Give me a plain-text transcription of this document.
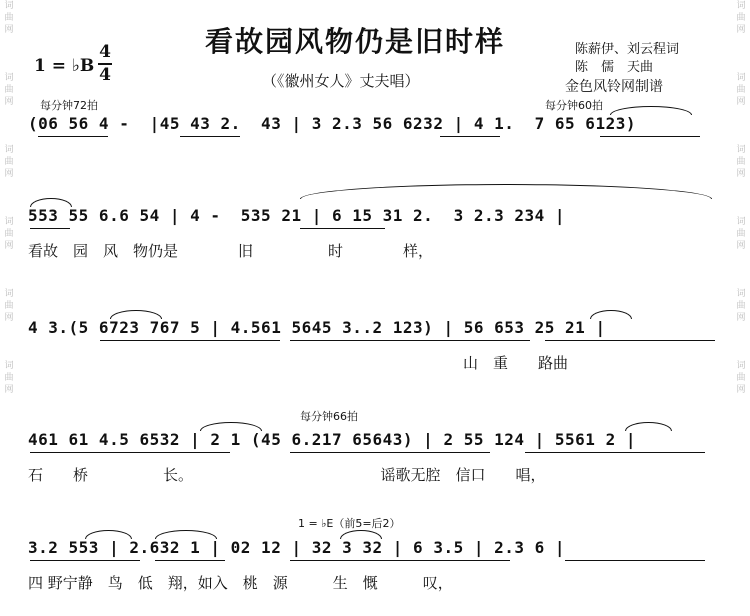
词
曲
网

词
曲
网

词
曲
网

词
曲
网

词
曲
网

词
曲
网
词
曲
网

词
曲
网

词
曲
网

词
曲
网

词
曲
网

词
曲
网
看故园风物仍是旧时样
（《徽州女人》丈夫唱）
1 = ♭B
4
4
陈薪伊、刘云程词
陈　儒　天曲
金色风铃网制谱
每分钟72拍	每分钟60拍
每分钟66拍
1 = ♭E（前5=后2）
(06 56 4 -  |45 43 2.  43 | 3 2.3 56 6232 | 4 1.  7 65 6123)
553 55 6.6 54 | 4 -  535 21 | 6 15 31 2.  3 2.3 234 |
看故　园　风　物仍是　　　　旧　　　　　时　　　　样，
4 3.(5 6723 767 5 | 4.561 5645 3..2 123) | 56 653 25 21 |
　　　　　　　　　　　　　　　　　　　　　　　　　　　　　山　重　　路曲
461 61 4.5 6532 | 2 1 (45 6.217 65643) | 2 55 124 | 5561 2 |
石　　桥　　　　　长。　　　　　　　　　　　　　谣歌无腔　信口　　唱，
3.2 553 | 2.632 1 | 02 12 | 32 3 32 | 6 3.5 | 2.3 6 |
四 野宁静　鸟　低　翔，如入　桃　源　　　生　慨　　　叹，
